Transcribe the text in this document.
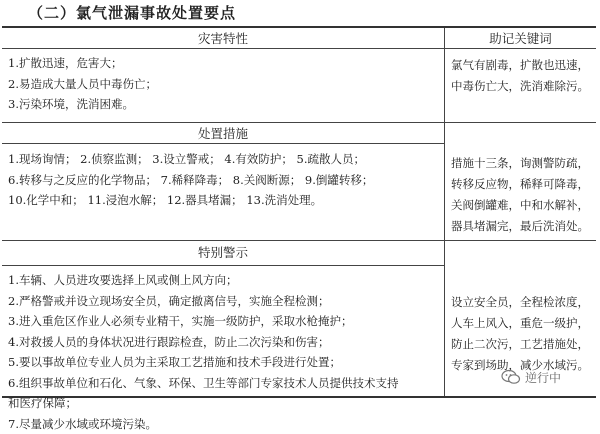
（二）氯气泄漏事故处置要点
灾害特性
1.扩散迅速，危害大；
2.易造成大量人员中毒伤亡；
3.污染环境，洗消困难。
处置措施
1.现场询情； 2.侦察监测； 3.设立警戒； 4.有效防护； 5.疏散人员；
6.转移与之反应的化学物品； 7.稀释降毒； 8.关阀断源； 9.倒罐转移；
10.化学中和； 11.浸泡水解； 12.器具堵漏； 13.洗消处理。
特别警示
1.车辆、人员进攻要选择上风或侧上风方向；
2.严格警戒并设立现场安全员，确定撤离信号，实施全程检测；
3.进入重危区作业人必须专业精干，实施一级防护，采取水枪掩护；
4.对救援人员的身体状况进行跟踪检查，防止二次污染和伤害；
5.要以事故单位专业人员为主采取工艺措施和技术手段进行处置；
6.组织事故单位和石化、气象、环保、卫生等部门专家技术人员提供技术支持
和医疗保障；
7.尽量减少水域或环境污染。
助记关键词
氯气有剧毒，扩散也迅速，
中毒伤亡大，洗消难除污。
措施十三条，询测警防疏，
转移反应物，稀释可降毒，
关阀倒罐难，中和水解补，
器具堵漏完，最后洗消处。
设立安全员，全程检浓度，
人车上风入，重危一级护，
防止二次污，工艺措施处，
专家到场助，减少水域污。
逆行中
